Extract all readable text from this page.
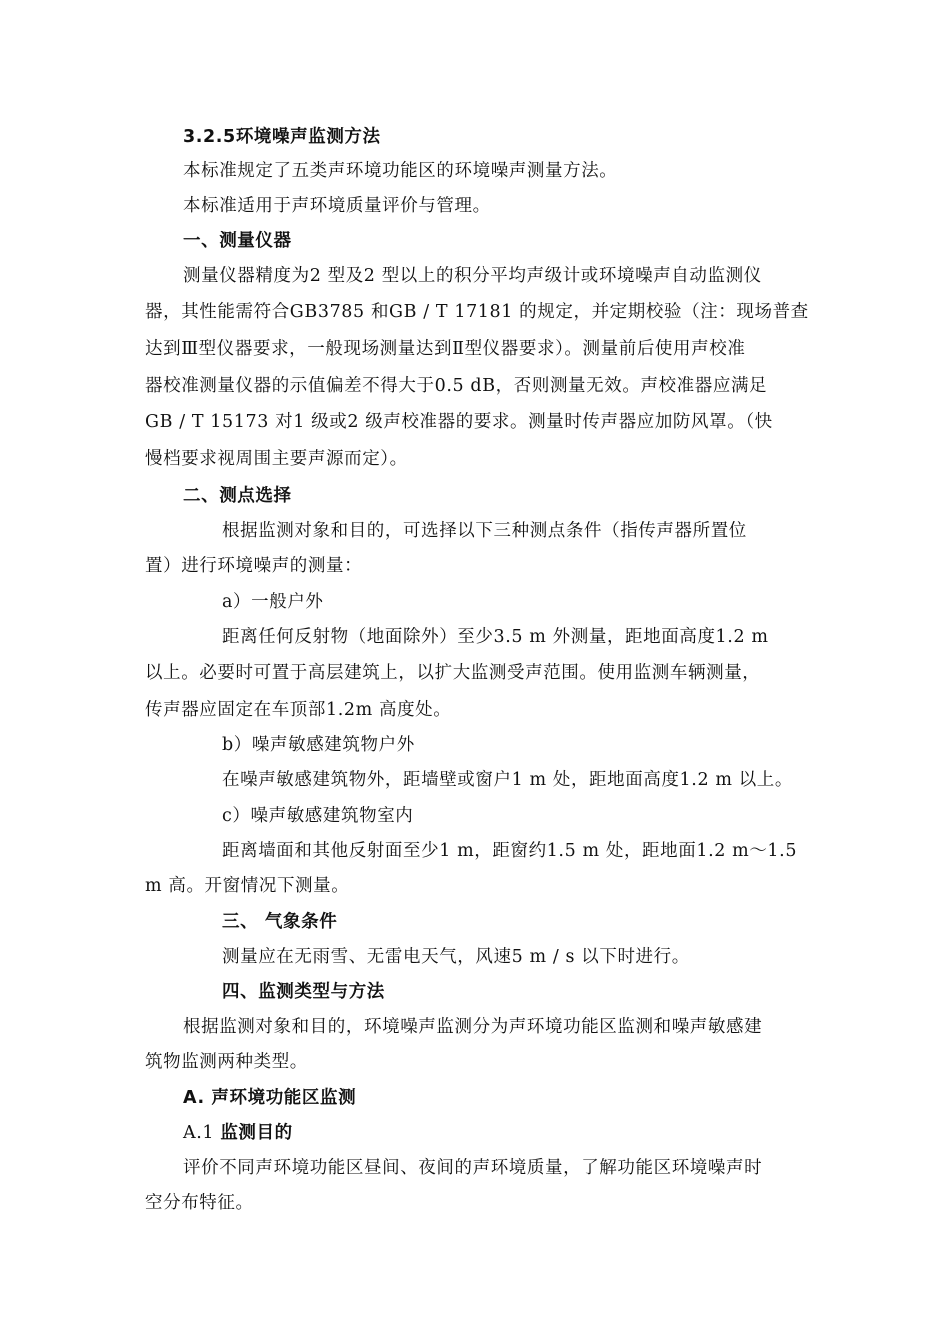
3.2.5环境噪声监测方法
本标准规定了五类声环境功能区的环境噪声测量方法。
本标准适用于声环境质量评价与管理。
一、测量仪器
测量仪器精度为2 型及2 型以上的积分平均声级计或环境噪声自动监测仪
器，其性能需符合GB3785 和GB / T 17181 的规定，并定期校验（注：现场普查
达到Ⅲ型仪器要求，一般现场测量达到Ⅱ型仪器要求）。测量前后使用声校准
器校准测量仪器的示值偏差不得大于0.5 dB，否则测量无效。声校准器应满足
GB / T 15173 对1 级或2 级声校准器的要求。测量时传声器应加防风罩。（快
慢档要求视周围主要声源而定）。
二、测点选择
根据监测对象和目的，可选择以下三种测点条件（指传声器所置位
置）进行环境噪声的测量：
a）一般户外
距离任何反射物（地面除外）至少3.5 m 外测量，距地面高度1.2 m
以上。必要时可置于高层建筑上，以扩大监测受声范围。使用监测车辆测量，
传声器应固定在车顶部1.2m 高度处。
b）噪声敏感建筑物户外
在噪声敏感建筑物外，距墙壁或窗户1 m 处，距地面高度1.2 m 以上。
c）噪声敏感建筑物室内
距离墙面和其他反射面至少1 m，距窗约1.5 m 处，距地面1.2 m～1.5
m 高。开窗情况下测量。
三、 气象条件
测量应在无雨雪、无雷电天气，风速5 m / s 以下时进行。
四、监测类型与方法
根据监测对象和目的，环境噪声监测分为声环境功能区监测和噪声敏感建
筑物监测两种类型。
A. 声环境功能区监测
A.1 监测目的
评价不同声环境功能区昼间、夜间的声环境质量，了解功能区环境噪声时
空分布特征。
